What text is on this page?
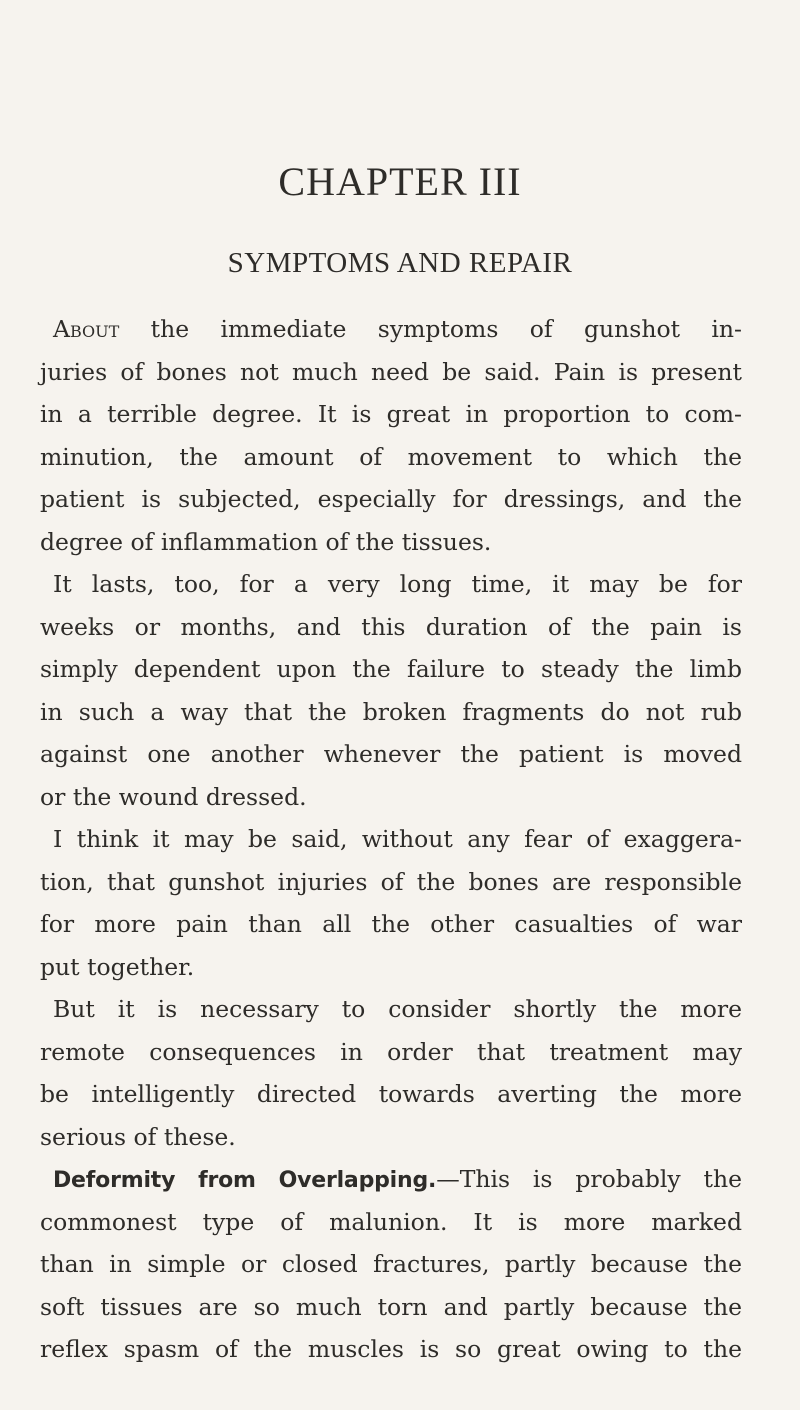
CHAPTER III
SYMPTOMS AND REPAIR
About the immediate symptoms of gunshot in-
juries of bones not much need be said. Pain is present
in a terrible degree. It is great in proportion to com-
minution, the amount of movement to which the
patient is subjected, especially for dressings, and the
degree of inflammation of the tissues.
It lasts, too, for a very long time, it may be for
weeks or months, and this duration of the pain is
simply dependent upon the failure to steady the limb
in such a way that the broken fragments do not rub
against one another whenever the patient is moved
or the wound dressed.
I think it may be said, without any fear of exaggera-
tion, that gunshot injuries of the bones are responsible
for more pain than all the other casualties of war
put together.
But it is necessary to consider shortly the more
remote consequences in order that treatment may
be intelligently directed towards averting the more
serious of these.
Deformity from Overlapping.—This is probably the
commonest type of malunion. It is more marked
than in simple or closed fractures, partly because the
soft tissues are so much torn and partly because the
reflex spasm of the muscles is so great owing to the
